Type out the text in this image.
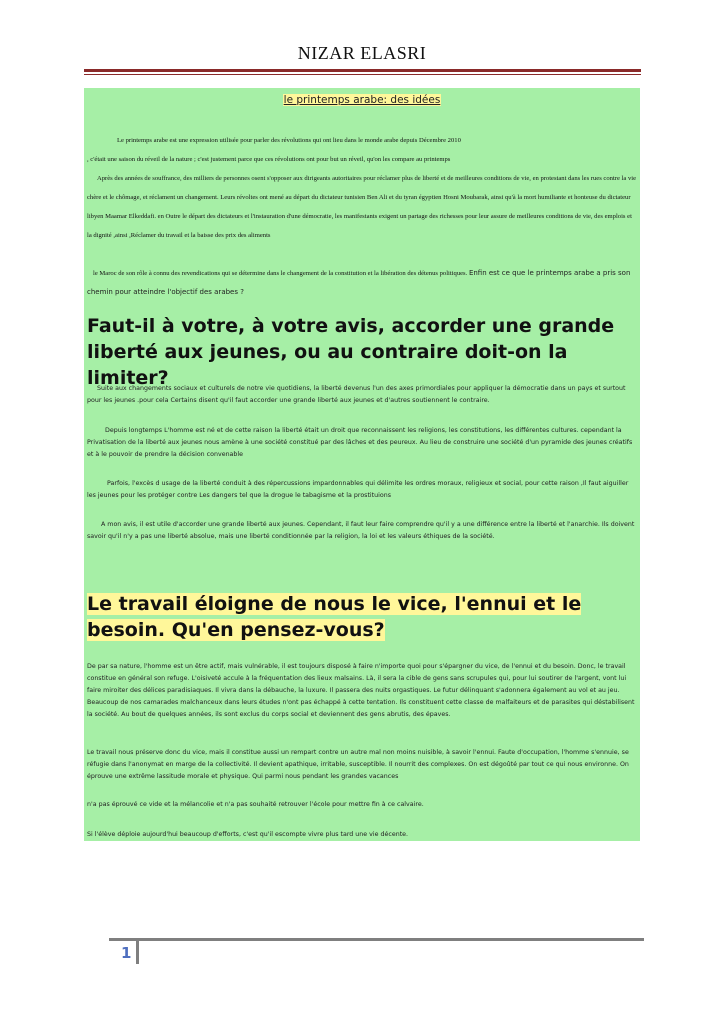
NIZAR ELASRI
le printemps arabe: des idées

Le printemps arabe est une expression utilisée pour parler des révolutions qui ont lieu dans le monde arabe depuis Décembre 2010

, c'était une saison du réveil de la nature ; c'est justement parce que ces révolutions ont pour but un réveil, qu'on les compare au printemps

Après des années de souffrance, des milliers de personnes osent s'opposer aux dirigeants autoritaires pour réclamer plus de liberté et de meilleures conditions de vie, en protestant dans les rues contre la vie chère et le chômage, et réclament un changement. Leurs révoltes ont mené au départ du dictateur tunisien Ben Ali et du tyran égyptien Hosni Moubarak, ainsi qu'à la mort humiliante et honteuse du dictateur libyen Maamar Elkeddafi. en Outre le départ des dictateurs et l'instauration d'une démocratie, les manifestants exigent un partage des richesses pour leur assure de meilleures conditions de vie, des emplois et la dignité ,ainsi ,Réclamer du travail et la baisse des prix des aliments

le Maroc de son rôle à connu des revendications qui se détermine dans le changement de la constitution et la libération des détenus politiques. Enfin est ce que le printemps arabe a pris son chemin pour atteindre l'objectif des arabes ?

Faut-il à votre, à votre avis, accorder une grande liberté aux jeunes, ou au contraire doit-on la limiter?

Suite aux changements sociaux et culturels de notre vie quotidiens, la liberté devenus l'un des axes primordiales pour appliquer la démocratie dans un pays et surtout pour les jeunes .pour cela Certains disent qu'il faut accorder une grande liberté aux jeunes et d'autres soutiennent le contraire.

Depuis longtemps L'homme est né et de cette raison la liberté était un droit que reconnaissent les religions, les constitutions, les différentes cultures. cependant la Privatisation de la liberté aux jeunes nous amène à une société constitué par des lâches et des peureux. Au lieu de construire une société d'un pyramide des jeunes créatifs et à le pouvoir de prendre la décision convenable

Parfois, l'excès d usage de la liberté conduit à des répercussions impardonnables qui délimite les ordres moraux, religieux et social, pour cette raison ,Il faut aiguiller les jeunes pour les protéger contre Les dangers tel que la drogue le tabagisme et la prostituions

A mon avis, il est utile d'accorder une grande liberté aux jeunes. Cependant, il faut leur faire comprendre qu'il y a une différence entre la liberté et l'anarchie. Ils doivent savoir qu'il n'y a pas une liberté absolue, mais une liberté conditionnée par la religion, la loi et les valeurs éthiques de la société.

Le travail éloigne de nous le vice, l'ennui et le besoin. Qu'en pensez-vous?

De par sa nature, l'homme est un être actif, mais vulnérable, il est toujours disposé à faire n'importe quoi pour s'épargner du vice, de l'ennui et du besoin. Donc, le travail constitue en général son refuge. L'oisiveté accule à la fréquentation des lieux malsains. Là, il sera la cible de gens sans scrupules qui, pour lui soutirer de l'argent, vont lui faire miroiter des délices paradisiaques. Il vivra dans la débauche, la luxure. Il passera des nuits orgastiques. Le futur délinquant s'adonnera également au vol et au jeu. Beaucoup de nos camarades malchanceux dans leurs études n'ont pas échappé à cette tentation. Ils constituent cette classe de malfaiteurs et de parasites qui déstabilisent la société. Au bout de quelques années, ils sont exclus du corps social et deviennent des gens abrutis, des épaves.

Le travail nous préserve donc du vice, mais il constitue aussi un rempart contre un autre mal non moins nuisible, à savoir l'ennui. Faute d'occupation, l'homme s'ennuie, se réfugie dans l'anonymat en marge de la collectivité. Il devient apathique, irritable, susceptible. Il nourrit des complexes. On est dégoûté par tout ce qui nous environne. On éprouve une extrême lassitude morale et physique. Qui parmi nous pendant les grandes vacances

n'a pas éprouvé ce vide et la mélancolie et n'a pas souhaité retrouver l'école pour mettre fin à ce calvaire.

Si l'élève déploie aujourd'hui beaucoup d'efforts, c'est qu'il escompte vivre plus tard une vie décente.

1
